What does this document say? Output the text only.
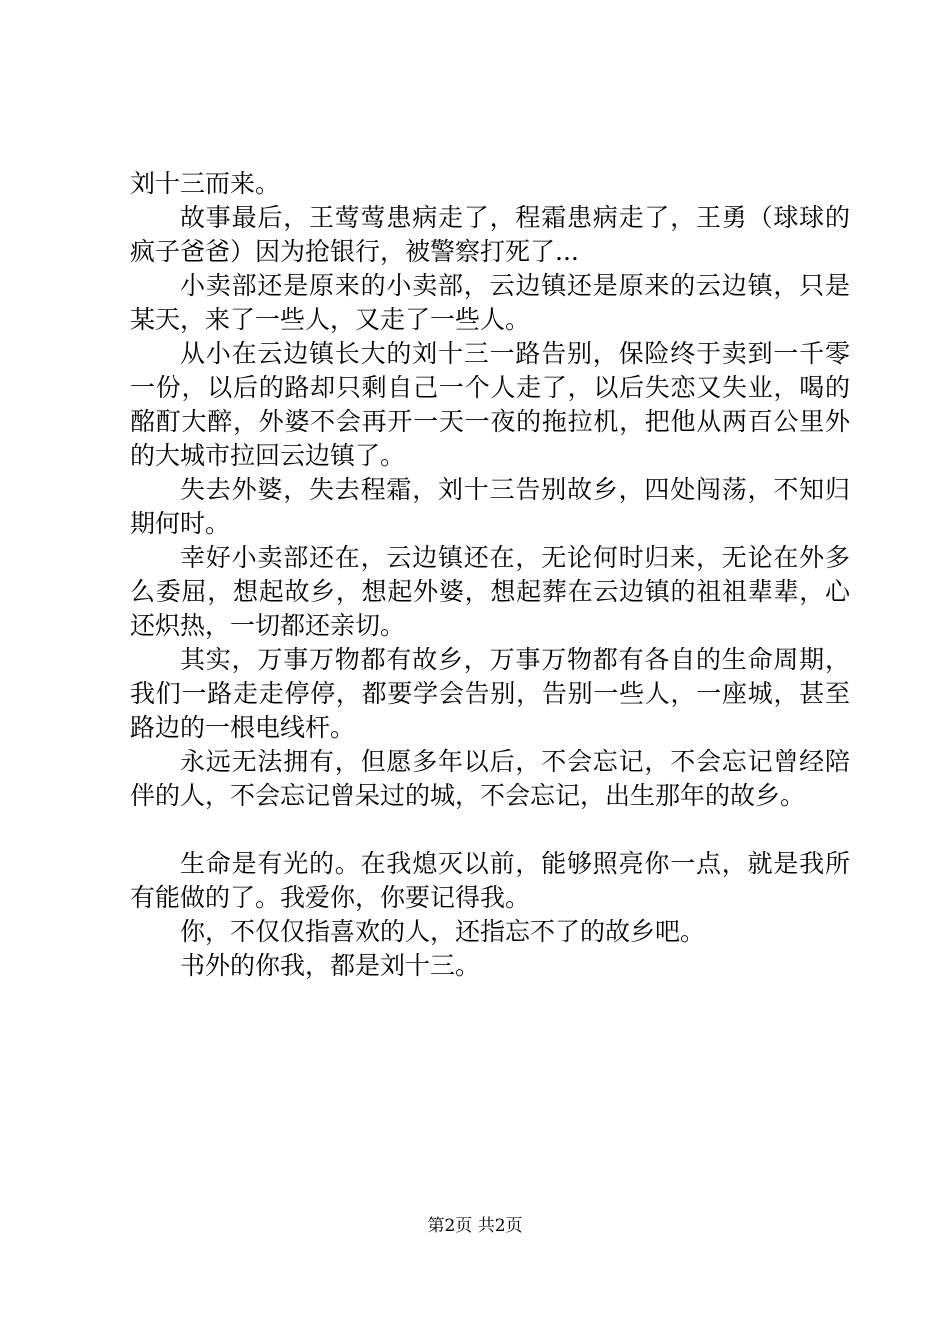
刘十三而来。

故事最后，王莺莺患病走了，程霜患病走了，王勇（球球的疯子爸爸）因为抢银行，被警察打死了...

小卖部还是原来的小卖部，云边镇还是原来的云边镇，只是某天，来了一些人，又走了一些人。

从小在云边镇长大的刘十三一路告别，保险终于卖到一千零一份，以后的路却只剩自己一个人走了，以后失恋又失业，喝的酩酊大醉，外婆不会再开一天一夜的拖拉机，把他从两百公里外的大城市拉回云边镇了。

失去外婆，失去程霜，刘十三告别故乡，四处闯荡，不知归期何时。

幸好小卖部还在，云边镇还在，无论何时归来，无论在外多么委屈，想起故乡，想起外婆，想起葬在云边镇的祖祖辈辈，心还炽热，一切都还亲切。

其实，万事万物都有故乡，万事万物都有各自的生命周期，我们一路走走停停，都要学会告别，告别一些人，一座城，甚至路边的一根电线杆。

永远无法拥有，但愿多年以后，不会忘记，不会忘记曾经陪伴的人，不会忘记曾呆过的城，不会忘记，出生那年的故乡。

生命是有光的。在我熄灭以前，能够照亮你一点，就是我所有能做的了。我爱你，你要记得我。

你，不仅仅指喜欢的人，还指忘不了的故乡吧。

书外的你我，都是刘十三。

第2页 共2页
